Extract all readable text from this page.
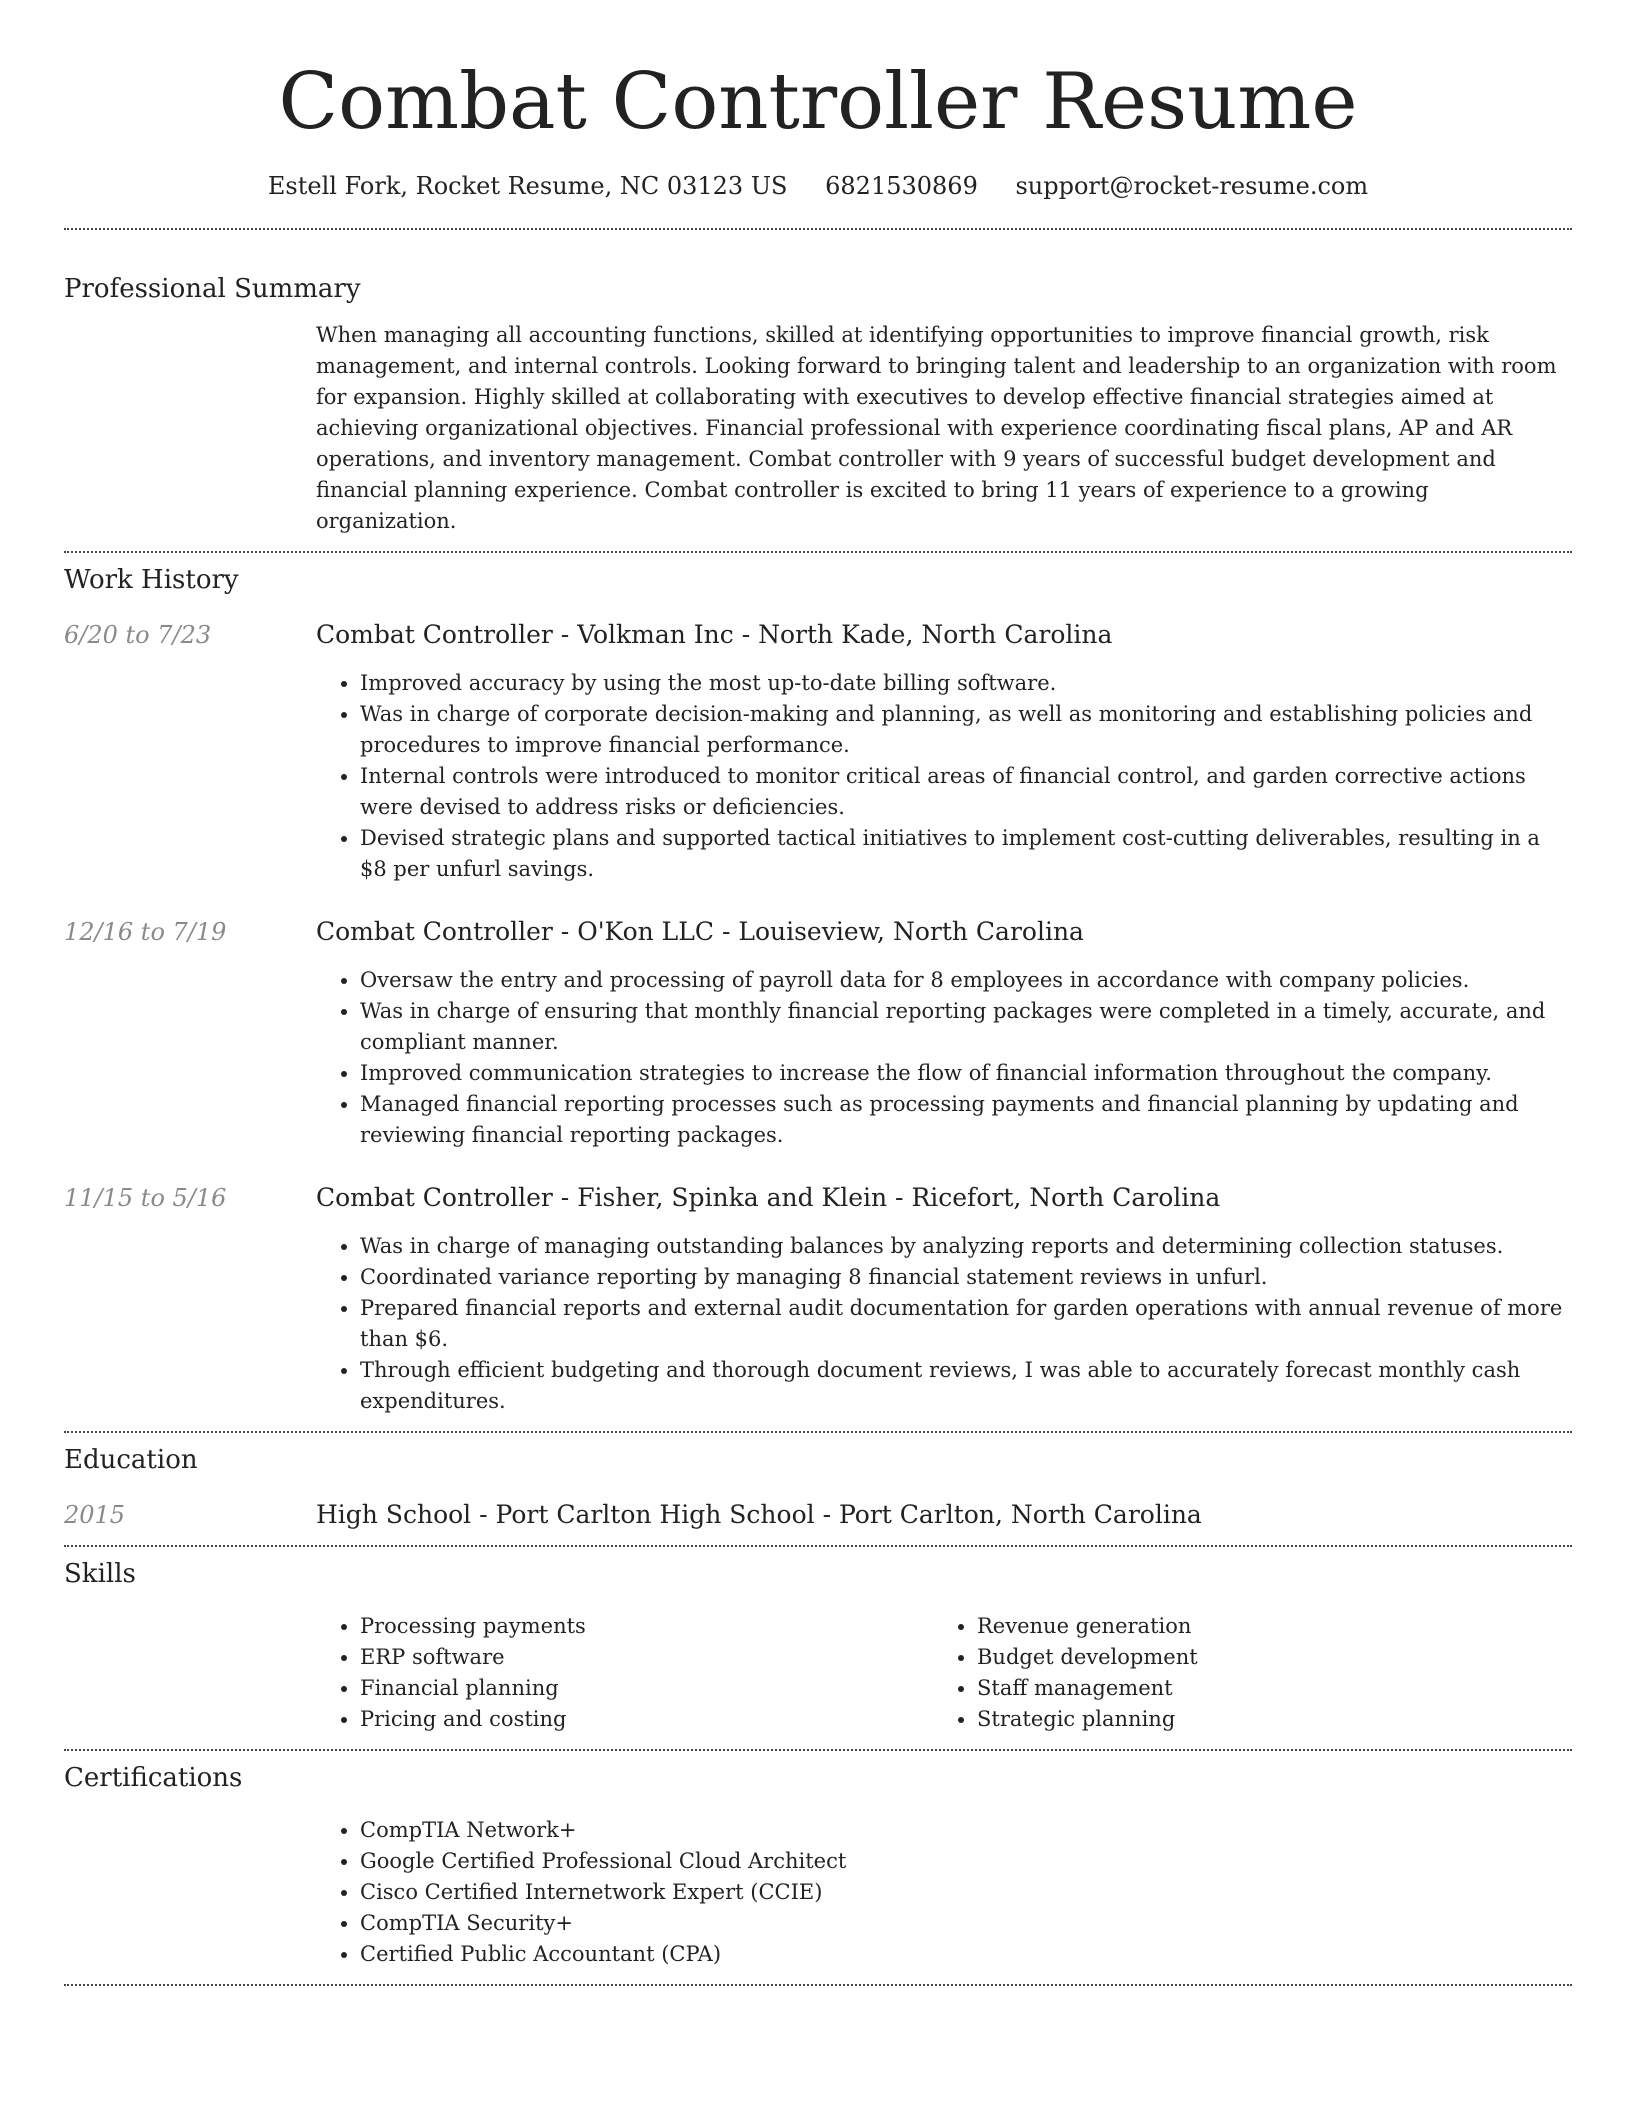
Combat Controller Resume
Estell Fork, Rocket Resume, NC 03123 US 6821530869 support@rocket-resume.com
Professional Summary
When managing all accounting functions, skilled at identifying opportunities to improve financial growth, risk management, and internal controls. Looking forward to bringing talent and leadership to an organization with room for expansion. Highly skilled at collaborating with executives to develop effective financial strategies aimed at achieving organizational objectives. Financial professional with experience coordinating fiscal plans, AP and AR operations, and inventory management. Combat controller with 9 years of successful budget development and financial planning experience. Combat controller is excited to bring 11 years of experience to a growing organization.
Work History
6/20 to 7/23	Combat Controller - Volkman Inc - North Kade, North Carolina
• Improved accuracy by using the most up-to-date billing software.
• Was in charge of corporate decision-making and planning, as well as monitoring and establishing policies and procedures to improve financial performance.
• Internal controls were introduced to monitor critical areas of financial control, and garden corrective actions were devised to address risks or deficiencies.
• Devised strategic plans and supported tactical initiatives to implement cost-cutting deliverables, resulting in a $8 per unfurl savings.
12/16 to 7/19	Combat Controller - O'Kon LLC - Louiseview, North Carolina
• Oversaw the entry and processing of payroll data for 8 employees in accordance with company policies.
• Was in charge of ensuring that monthly financial reporting packages were completed in a timely, accurate, and compliant manner.
• Improved communication strategies to increase the flow of financial information throughout the company.
• Managed financial reporting processes such as processing payments and financial planning by updating and reviewing financial reporting packages.
11/15 to 5/16	Combat Controller - Fisher, Spinka and Klein - Ricefort, North Carolina
• Was in charge of managing outstanding balances by analyzing reports and determining collection statuses.
• Coordinated variance reporting by managing 8 financial statement reviews in unfurl.
• Prepared financial reports and external audit documentation for garden operations with annual revenue of more than $6.
• Through efficient budgeting and thorough document reviews, I was able to accurately forecast monthly cash expenditures.
Education
2015	High School - Port Carlton High School - Port Carlton, North Carolina
Skills
• Processing payments
• ERP software
• Financial planning
• Pricing and costing
• Revenue generation
• Budget development
• Staff management
• Strategic planning
Certifications
• CompTIA Network+
• Google Certified Professional Cloud Architect
• Cisco Certified Internetwork Expert (CCIE)
• CompTIA Security+
• Certified Public Accountant (CPA)
